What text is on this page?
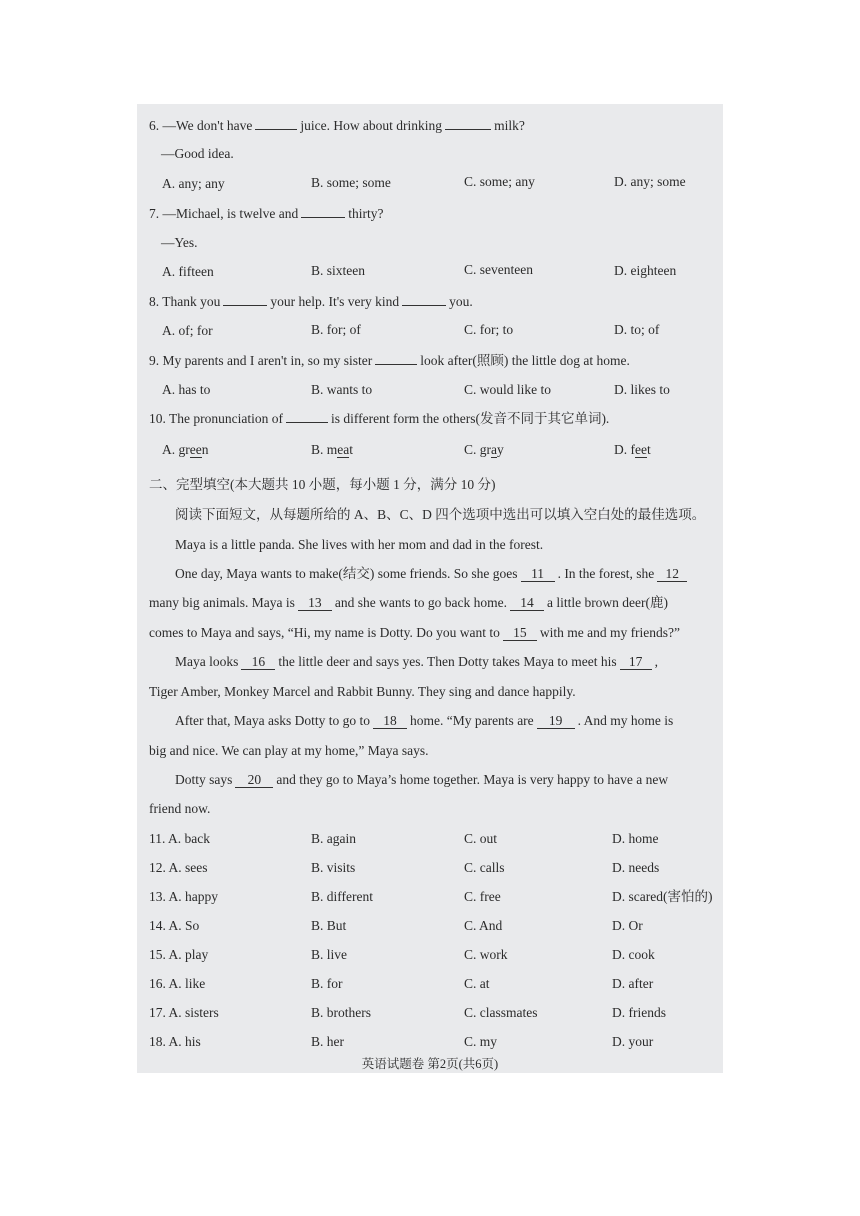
6. —We don't have	juice. How about drinking	milk?
—Good idea.
A. any; any	B. some; some	C. some; any	D. any; some
7. —Michael, is twelve and	thirty?
—Yes.
A. fifteen	B. sixteen	C. seventeen	D. eighteen
8. Thank you	your help. It's very kind	you.
A. of; for	B. for; of	C. for; to	D. to; of
9. My parents and I aren't in, so my sister	look after(照顾) the little dog at home.
A. has to	B. wants to	C. would like to	D. likes to
10. The pronunciation of	is different form the others(发音不同于其它单词).
A. green	B. meat	C. gray	D. feet
二、完型填空(本大题共 10 小题，每小题 1 分，满分 10 分)
阅读下面短文，从每题所给的 A、B、C、D 四个选项中选出可以填入空白处的最佳选项。
Maya is a little panda. She lives with her mom and dad in the forest.
One day, Maya wants to make(结交) some friends. So she goes 11 . In the forest, she 12
many big animals. Maya is 13 and she wants to go back home. 14 a little brown deer(鹿)
comes to Maya and says, “Hi, my name is Dotty. Do you want to 15 with me and my friends?”
Maya looks 16 the little deer and says yes. Then Dotty takes Maya to meet his 17 ,
Tiger Amber, Monkey Marcel and Rabbit Bunny. They sing and dance happily.
After that, Maya asks Dotty to go to 18 home. “My parents are 19 . And my home is
big and nice. We can play at my home,” Maya says.
Dotty says 20 and they go to Maya’s home together. Maya is very happy to have a new
friend now.
11. A. back	B. again	C. out	D. home
12. A. sees	B. visits	C. calls	D. needs
13. A. happy	B. different	C. free	D. scared(害怕的)
14. A. So	B. But	C. And	D. Or
15. A. play	B. live	C. work	D. cook
16. A. like	B. for	C. at	D. after
17. A. sisters	B. brothers	C. classmates	D. friends
18. A. his	B. her	C. my	D. your
英语试题卷 第2页(共6页)
